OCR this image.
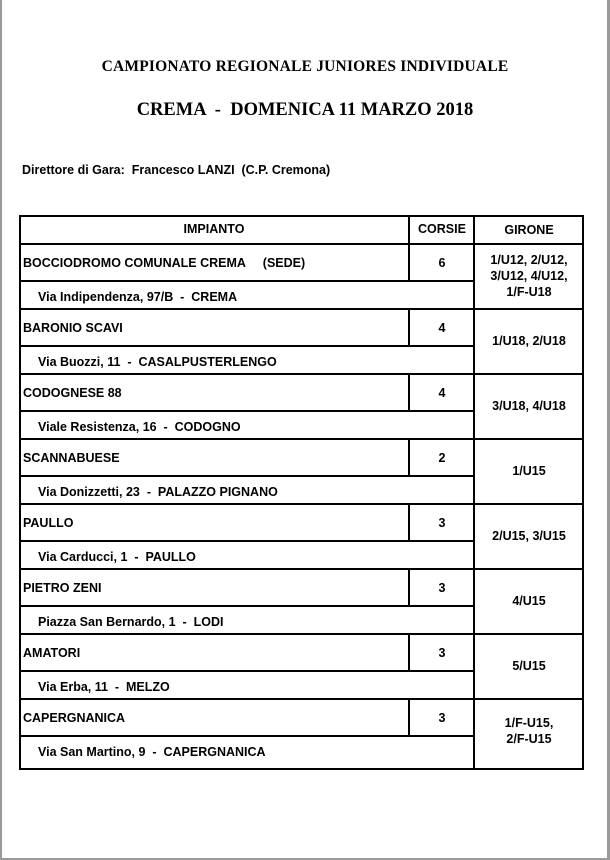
CAMPIONATO REGIONALE JUNIORES INDIVIDUALE
CREMA  -  DOMENICA 11 MARZO 2018
Direttore di Gara:  Francesco LANZI  (C.P. Cremona)
IMPIANTO	CORSIE	GIRONE
BOCCIODROMO COMUNALE CREMA     (SEDE)
Via Indipendenza, 97/B  -  CREMA
6	1/U12, 2/U12,
3/U12, 4/U12,
1/F-U18
BARONIO SCAVI
Via Buozzi, 11  -  CASALPUSTERLENGO
4
1/U18, 2/U18
CODOGNESE 88
Viale Resistenza, 16  -  CODOGNO
4
3/U18, 4/U18
SCANNABUESE
Via Donizzetti, 23  -  PALAZZO PIGNANO
2
1/U15
PAULLO
Via Carducci, 1  -  PAULLO
3
2/U15, 3/U15
PIETRO ZENI
Piazza San Bernardo, 1  -  LODI
3
4/U15
AMATORI
Via Erba, 11  -  MELZO
3
5/U15
CAPERGNANICA
Via San Martino, 9  -  CAPERGNANICA
3	1/F-U15,
2/F-U15
